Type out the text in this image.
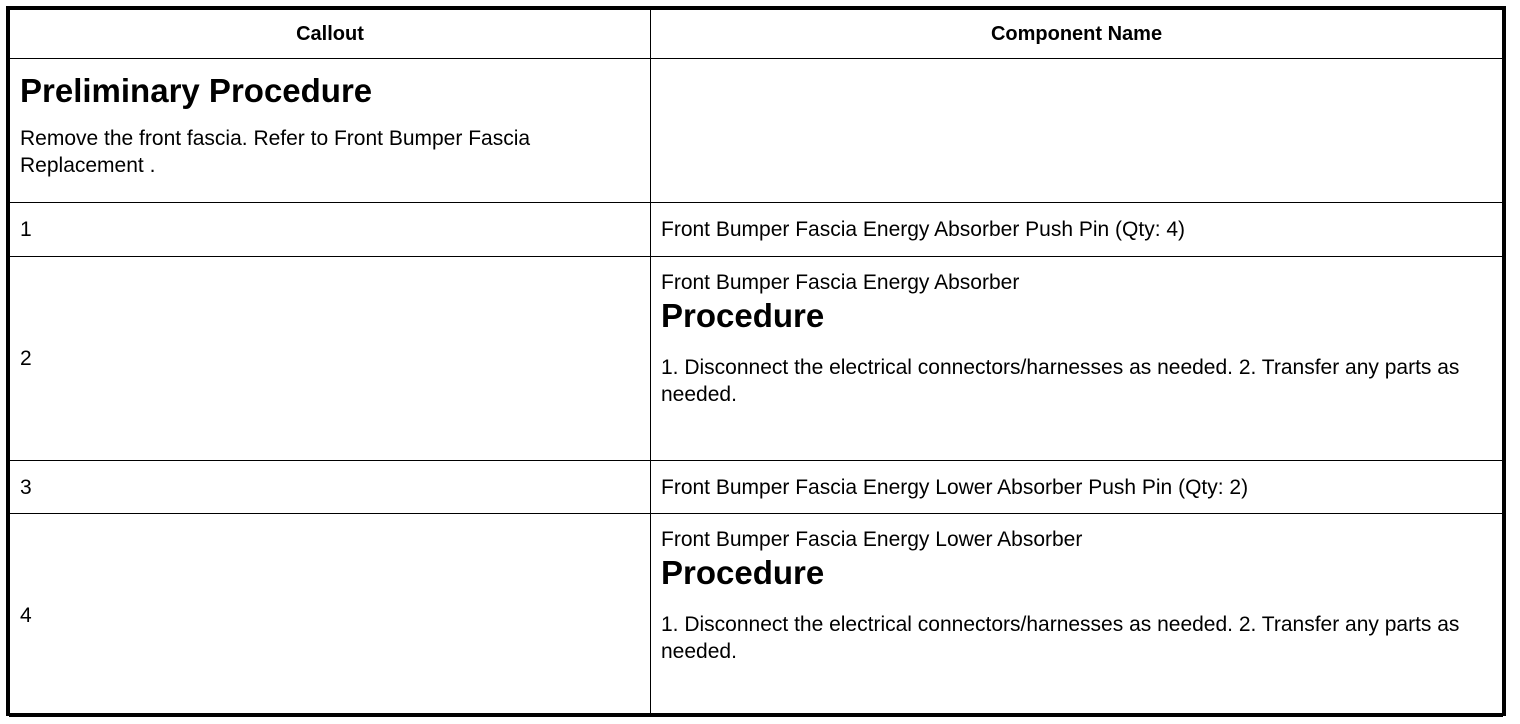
Callout	Component Name

Preliminary Procedure

Remove the front fascia. Refer to Front Bumper Fascia Replacement .	

1	Front Bumper Fascia Energy Absorber Push Pin (Qty: 4)
2	Front Bumper Fascia Energy Absorber

Procedure

1. Disconnect the electrical connectors/harnesses as needed. 2. Transfer any parts as needed.

3	Front Bumper Fascia Energy Lower Absorber Push Pin (Qty: 2)
4	Front Bumper Fascia Energy Lower Absorber

Procedure

1. Disconnect the electrical connectors/harnesses as needed. 2. Transfer any parts as needed.
